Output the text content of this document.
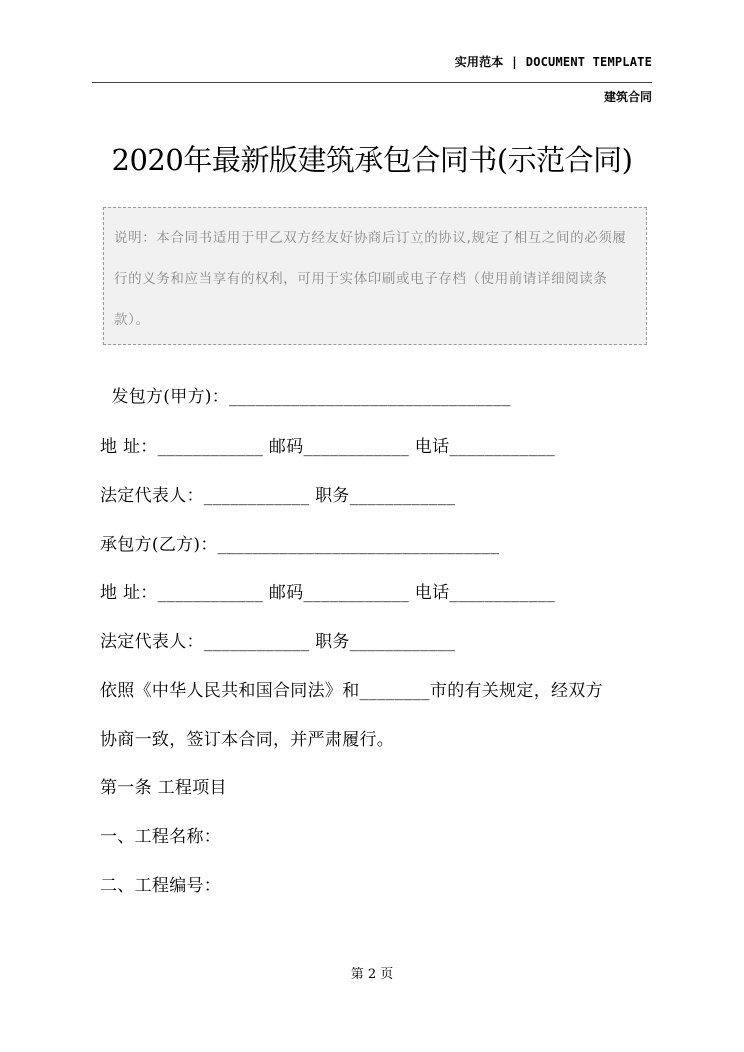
实用范本 | DOCUMENT TEMPLATE
建筑合同
2020年最新版建筑承包合同书(示范合同)
说明：本合同书适用于甲乙双方经友好协商后订立的协议,规定了相互之间的必须履行的义务和应当享有的权利，可用于实体印刷或电子存档（使用前请详细阅读条款）。
发包方(甲方)：________________________________
地 址：____________ 邮码____________ 电话____________
法定代表人：____________ 职务____________
承包方(乙方)：________________________________
地 址：____________ 邮码____________ 电话____________
法定代表人：____________ 职务____________
依照《中华人民共和国合同法》和________市的有关规定，经双方
协商一致，签订本合同，并严肃履行。
第一条 工程项目
一、工程名称：
二、工程编号：
第 2 页
